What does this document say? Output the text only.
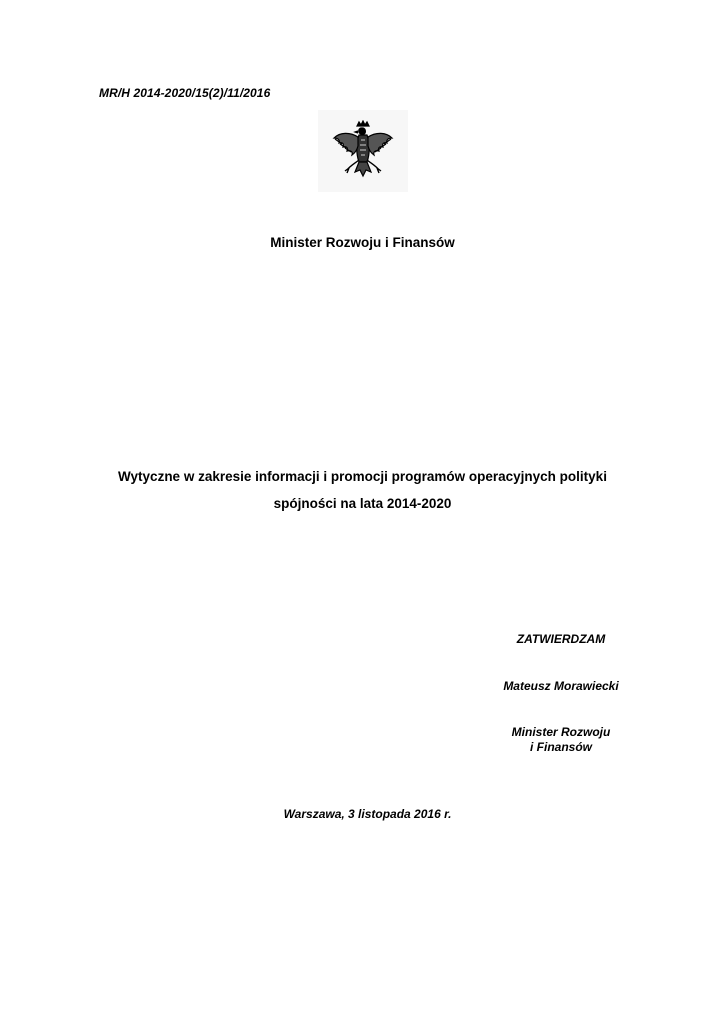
MR/H 2014-2020/15(2)/11/2016
Minister Rozwoju i Finansów
Wytyczne w zakresie informacji i promocji programów operacyjnych polityki
spójności na lata 2014-2020
ZATWIERDZAM
Mateusz Morawiecki
Minister Rozwoju
i Finansów
Warszawa, 3 listopada 2016 r.
